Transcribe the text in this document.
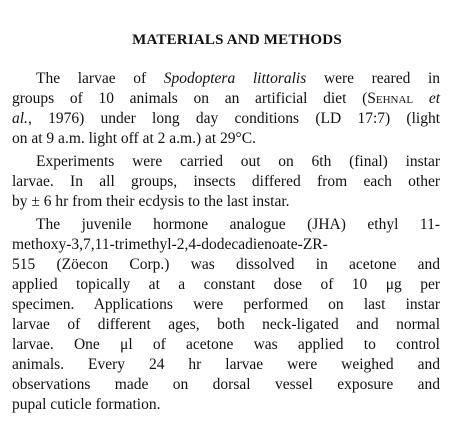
MATERIALS AND METHODS
The larvae of Spodoptera littoralis were reared in
groups of 10 animals on an artificial diet (Sehnal et
al., 1976) under long day conditions (LD 17:7) (light
on at 9 a.m. light off at 2 a.m.) at 29°C.
Experiments were carried out on 6th (final) instar
larvae. In all groups, insects differed from each other
by ± 6 hr from their ecdysis to the last instar.
The juvenile hormone analogue (JHA) ethyl 11-
methoxy-3,7,11-trimethyl-2,4-dodecadienoate-ZR-
515 (Zöecon Corp.) was dissolved in acetone and
applied topically at a constant dose of 10 μg per
specimen. Applications were performed on last instar
larvae of different ages, both neck-ligated and normal
larvae. One μl of acetone was applied to control
animals. Every 24 hr larvae were weighed and
observations made on dorsal vessel exposure and
pupal cuticle formation.
